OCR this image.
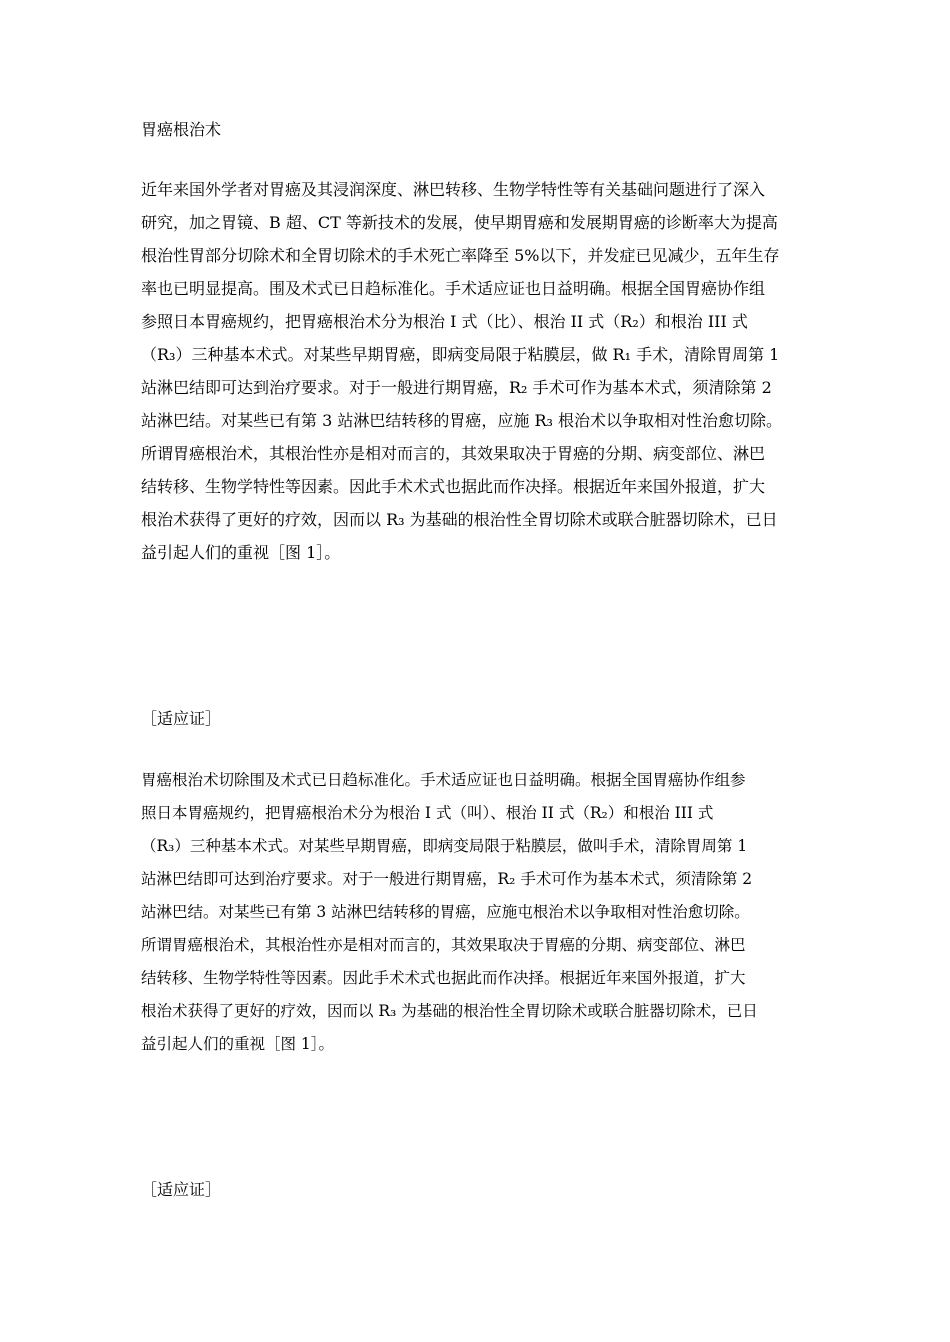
胃癌根治术
近年来国外学者对胃癌及其浸润深度、淋巴转移、生物学特性等有关基础问题进行了深入
研究，加之胃镜、B 超、CT 等新技术的发展，使早期胃癌和发展期胃癌的诊断率大为提高
根治性胃部分切除术和全胃切除术的手术死亡率降至 5%以下，并发症已见减少，五年生存
率也已明显提高。围及术式已日趋标准化。手术适应证也日益明确。根据全国胃癌协作组
参照日本胃癌规约，把胃癌根治术分为根治 I 式（比）、根治 II 式（R₂）和根治 III 式
（R₃）三种基本术式。对某些早期胃癌，即病变局限于粘膜层，做 R₁ 手术，清除胃周第 1
站淋巴结即可达到治疗要求。对于一般进行期胃癌，R₂ 手术可作为基本术式，须清除第 2
站淋巴结。对某些已有第 3 站淋巴结转移的胃癌，应施 R₃ 根治术以争取相对性治愈切除。
所谓胃癌根治术，其根治性亦是相对而言的，其效果取决于胃癌的分期、病变部位、淋巴
结转移、生物学特性等因素。因此手术术式也据此而作决择。根据近年来国外报道，扩大
根治术获得了更好的疗效，因而以 R₃ 为基础的根治性全胃切除术或联合脏器切除术，已日
益引起人们的重视［图 1］。
［适应证］
胃癌根治术切除围及术式已日趋标准化。手术适应证也日益明确。根据全国胃癌协作组参
照日本胃癌规约，把胃癌根治术分为根治 I 式（叫）、根治 II 式（R₂）和根治 III 式
（R₃）三种基本术式。对某些早期胃癌，即病变局限于粘膜层，做叫手术，清除胃周第 1
站淋巴结即可达到治疗要求。对于一般进行期胃癌，R₂ 手术可作为基本术式，须清除第 2
站淋巴结。对某些已有第 3 站淋巴结转移的胃癌，应施屯根治术以争取相对性治愈切除。
所谓胃癌根治术，其根治性亦是相对而言的，其效果取决于胃癌的分期、病变部位、淋巴
结转移、生物学特性等因素。因此手术术式也据此而作决择。根据近年来国外报道，扩大
根治术获得了更好的疗效，因而以 R₃ 为基础的根治性全胃切除术或联合脏器切除术，已日
益引起人们的重视［图 1］。
［适应证］
